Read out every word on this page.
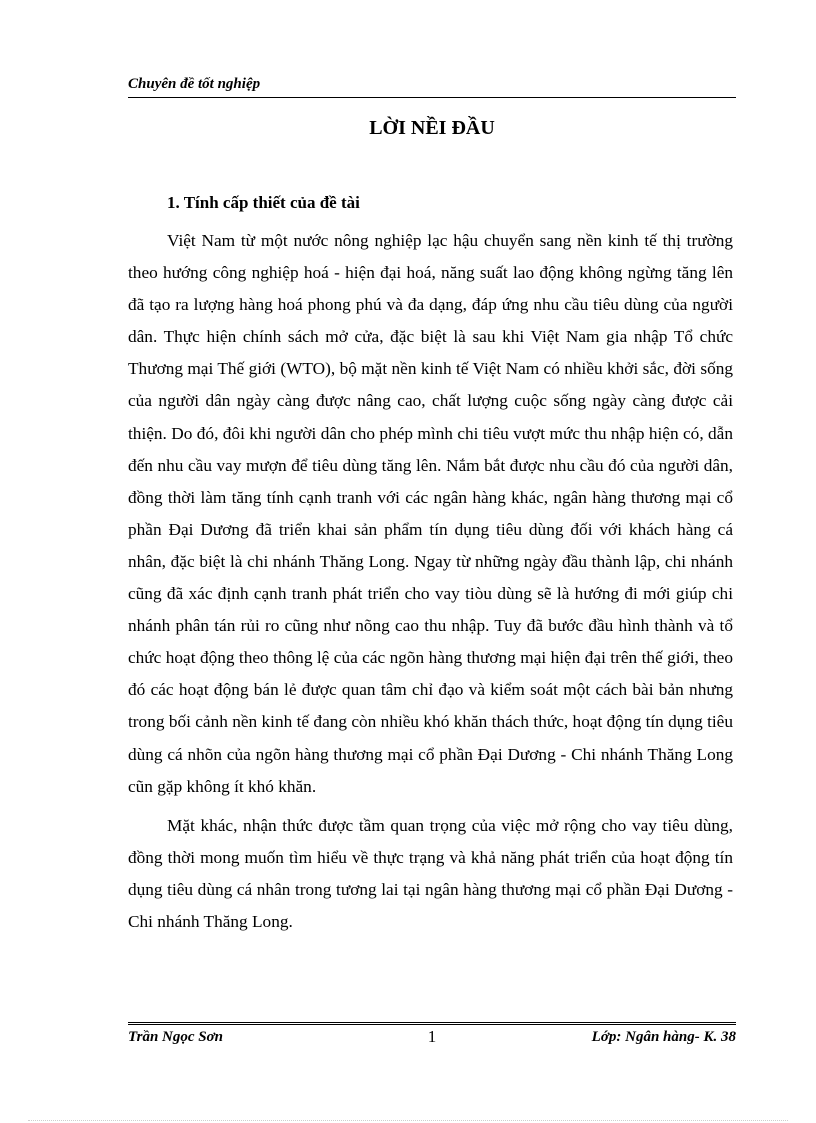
Chuyên đề tốt nghiệp
LỜI NỀI ĐẦU
1. Tính cấp thiết của đề tài

Việt Nam từ một nước nông nghiệp lạc hậu chuyển sang nền kinh tế thị trường theo hướng công nghiệp hoá - hiện đại hoá, năng suất lao động không ngừng tăng lên đã tạo ra lượng hàng hoá phong phú và đa dạng, đáp ứng nhu cầu tiêu dùng của người dân. Thực hiện chính sách mở cửa, đặc biệt là sau khi Việt Nam gia nhập Tổ chức Thương mại Thế giới (WTO), bộ mặt nền kinh tế Việt Nam có nhiều khởi sắc, đời sống của người dân ngày càng được nâng cao, chất lượng cuộc sống ngày càng được cải thiện. Do đó, đôi khi người dân cho phép mình chi tiêu vượt mức thu nhập hiện có, dẫn đến nhu cầu vay mượn để tiêu dùng tăng lên. Nắm bắt được nhu cầu đó của người dân, đồng thời làm tăng tính cạnh tranh với các ngân hàng khác, ngân hàng thương mại cổ phần Đại Dương đã triển khai sản phẩm tín dụng tiêu dùng đối với khách hàng cá nhân, đặc biệt là chi nhánh Thăng Long. Ngay từ những ngày đầu thành lập, chi nhánh cũng đã xác định cạnh tranh phát triển cho vay tiòu dùng sẽ là hướng đi mới giúp chi nhánh phân tán rủi ro cũng như nõng cao thu nhập. Tuy đã bước đầu hình thành và tổ chức hoạt động theo thông lệ của các ngõn hàng thương mại hiện đại trên thế giới, theo đó các hoạt động bán lẻ được quan tâm chỉ đạo và kiểm soát một cách bài bản nhưng trong bối cảnh nền kinh tế đang còn nhiều khó khăn thách thức, hoạt động tín dụng tiêu dùng cá nhõn của ngõn hàng thương mại cổ phần Đại Dương - Chi nhánh Thăng Long cũn gặp không ít khó khăn.

Mặt khác, nhận thức được tầm quan trọng của việc mở rộng cho vay tiêu dùng, đồng thời mong muốn tìm hiểu về thực trạng và khả năng phát triển của hoạt động tín dụng tiêu dùng cá nhân trong tương lai tại ngân hàng thương mại cổ phần Đại Dương - Chi nhánh Thăng Long.

Trần Ngọc Sơn	1	Lớp: Ngân hàng- K. 38
